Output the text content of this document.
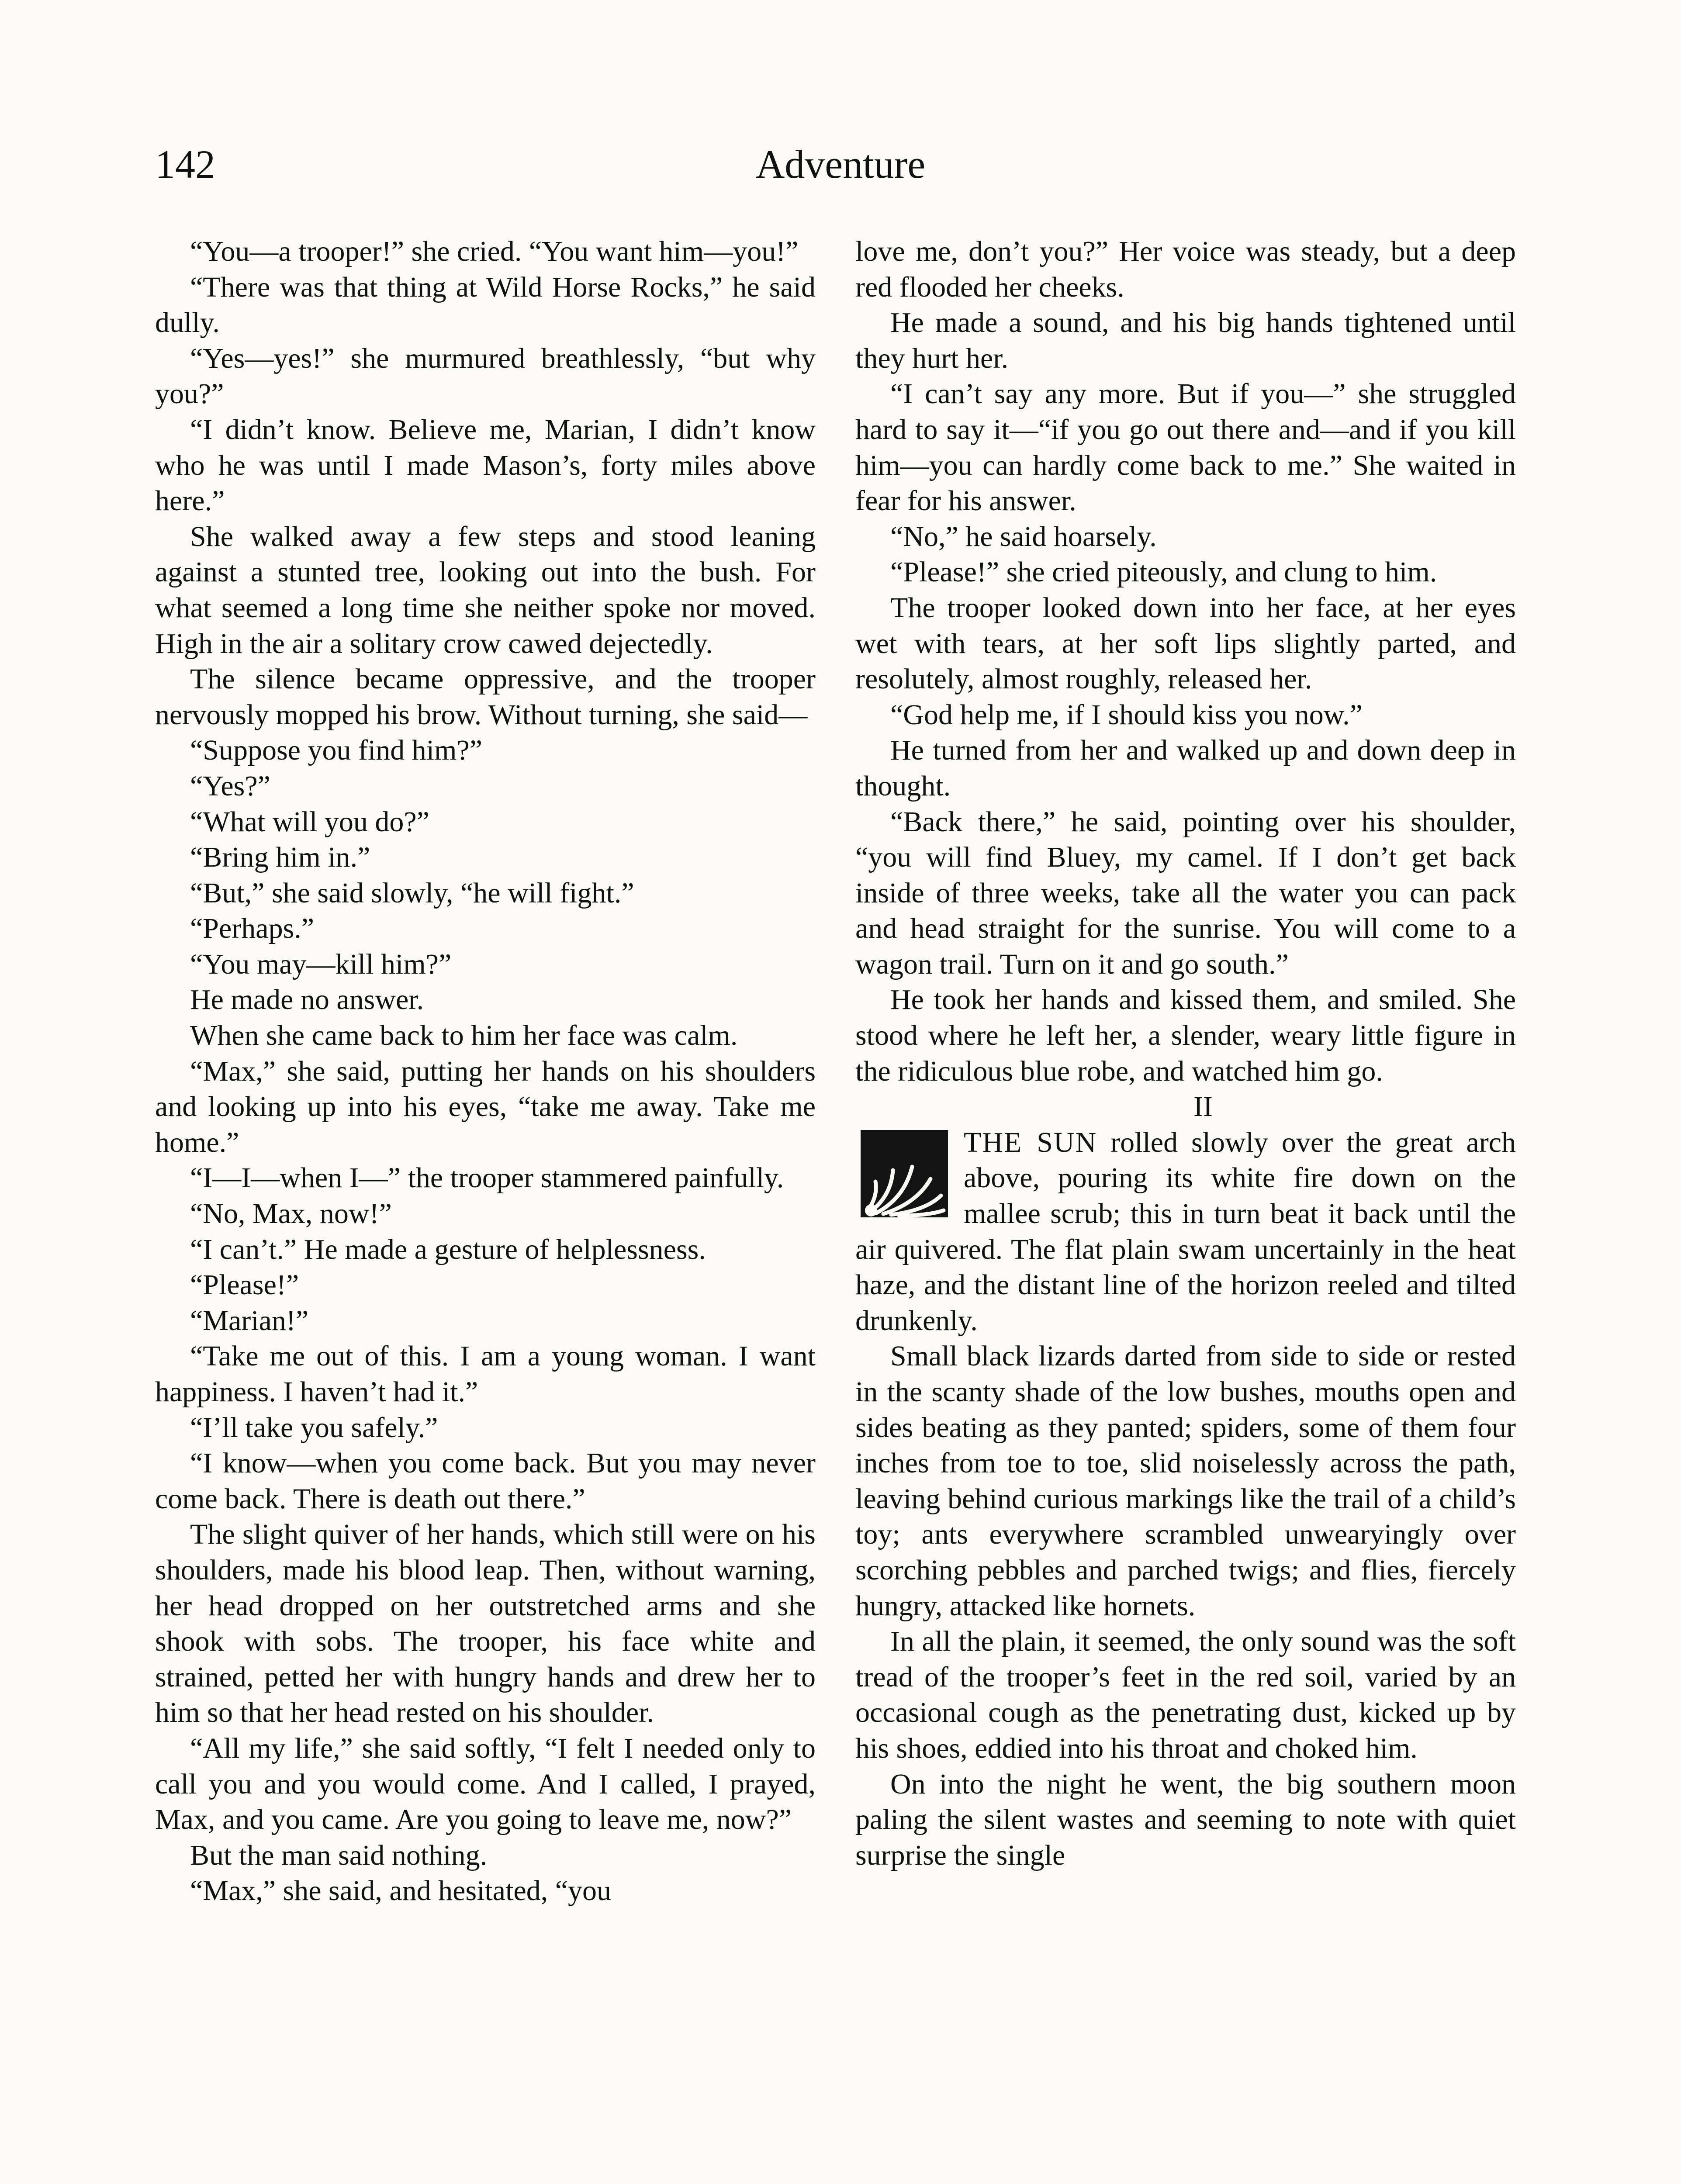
142	Adventure

“You—a trooper!” she cried. “You want him—you!”

“There was that thing at Wild Horse Rocks,” he said dully.

“Yes—yes!” she murmured breathlessly, “but why you?”

“I didn’t know. Believe me, Marian, I didn’t know who he was until I made Mason’s, forty miles above here.”

She walked away a few steps and stood leaning against a stunted tree, looking out into the bush. For what seemed a long time she neither spoke nor moved. High in the air a solitary crow cawed dejectedly.

The silence became oppressive, and the trooper nervously mopped his brow. Without turning, she said—

“Suppose you find him?”

“Yes?”

“What will you do?”

“Bring him in.”

“But,” she said slowly, “he will fight.”

“Perhaps.”

“You may—kill him?”

He made no answer.

When she came back to him her face was calm.

“Max,” she said, putting her hands on his shoulders and looking up into his eyes, “take me away. Take me home.”

“I—I—when I—” the trooper stammered painfully.

“No, Max, now!”

“I can’t.” He made a gesture of helplessness.

“Please!”

“Marian!”

“Take me out of this. I am a young woman. I want happiness. I haven’t had it.”

“I’ll take you safely.”

“I know—when you come back. But you may never come back. There is death out there.”

The slight quiver of her hands, which still were on his shoulders, made his blood leap. Then, without warning, her head dropped on her outstretched arms and she shook with sobs. The trooper, his face white and strained, petted her with hungry hands and drew her to him so that her head rested on his shoulder.

“All my life,” she said softly, “I felt I needed only to call you and you would come. And I called, I prayed, Max, and you came. Are you going to leave me, now?”

But the man said nothing.

“Max,” she said, and hesitated, “you

love me, don’t you?” Her voice was steady, but a deep red flooded her cheeks.

He made a sound, and his big hands tightened until they hurt her.

“I can’t say any more. But if you—” she struggled hard to say it—“if you go out there and—and if you kill him—you can hardly come back to me.” She waited in fear for his answer.

“No,” he said hoarsely.

“Please!” she cried piteously, and clung to him.

The trooper looked down into her face, at her eyes wet with tears, at her soft lips slightly parted, and resolutely, almost roughly, released her.

“God help me, if I should kiss you now.”

He turned from her and walked up and down deep in thought.

“Back there,” he said, pointing over his shoulder, “you will find Bluey, my camel. If I don’t get back inside of three weeks, take all the water you can pack and head straight for the sunrise. You will come to a wagon trail. Turn on it and go south.”

He took her hands and kissed them, and smiled. She stood where he left her, a slender, weary little figure in the ridiculous blue robe, and watched him go.

II

THE SUN rolled slowly over the great arch above, pouring its white fire down on the mallee scrub; this in turn beat it back until the air quivered. The flat plain swam uncertainly in the heat haze, and the distant line of the horizon reeled and tilted drunkenly.

Small black lizards darted from side to side or rested in the scanty shade of the low bushes, mouths open and sides beating as they panted; spiders, some of them four inches from toe to toe, slid noiselessly across the path, leaving behind curious markings like the trail of a child’s toy; ants everywhere scrambled unwearyingly over scorching pebbles and parched twigs; and flies, fiercely hungry, attacked like hornets.

In all the plain, it seemed, the only sound was the soft tread of the trooper’s feet in the red soil, varied by an occasional cough as the penetrating dust, kicked up by his shoes, eddied into his throat and choked him.

On into the night he went, the big southern moon paling the silent wastes and seeming to note with quiet surprise the single
